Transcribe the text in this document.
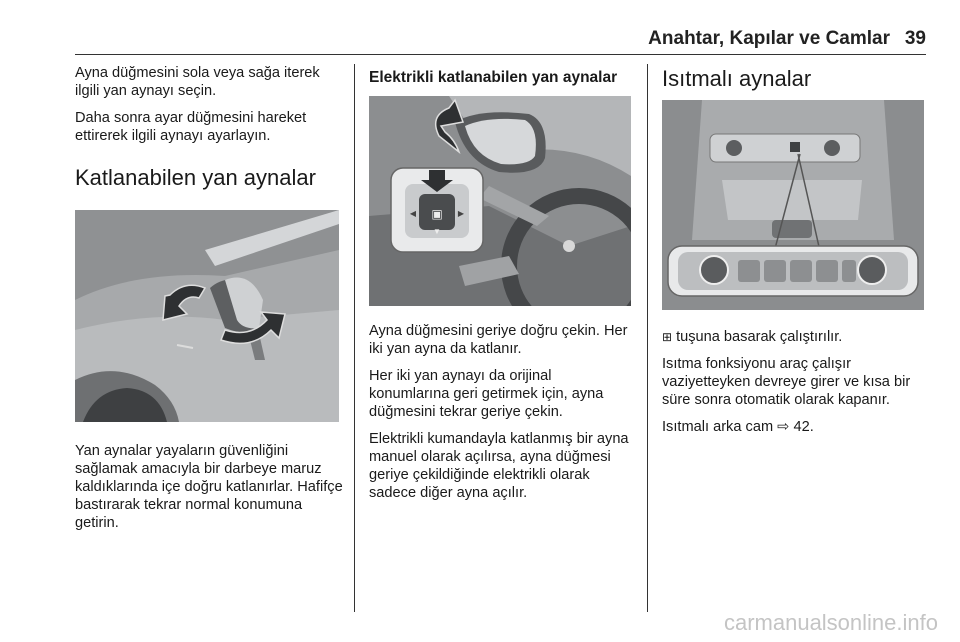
Anahtar, Kapılar ve Camlar 39

Ayna düğmesini sola veya sağa iterek ilgili yan aynayı seçin.

Daha sonra ayar düğmesini hareket ettirerek ilgili aynayı ayarlayın.

Katlanabilen yan aynalar

Yan aynalar yayaların güvenliğini sağlamak amacıyla bir darbeye maruz kaldıklarında içe doğru katlanırlar. Hafifçe bastırarak tekrar normal konumuna getirin.

Elektrikli katlanabilen yan aynalar
▣
▼
◀	▶

Ayna düğmesini geriye doğru çekin. Her iki yan ayna da katlanır.

Her iki yan aynayı da orijinal konumlarına geri getirmek için, ayna düğmesini tekrar geriye çekin.

Elektrikli kumandayla katlanmış bir ayna manuel olarak açılırsa, ayna düğmesi geriye çekildiğinde elektrikli olarak sadece diğer ayna açılır.

Isıtmalı aynalar

⊞ tuşuna basarak çalıştırılır.

Isıtma fonksiyonu araç çalışır vaziyetteyken devreye girer ve kısa bir süre sonra otomatik olarak kapanır.

Isıtmalı arka cam ⇨ 42.

carmanualsonline.info
